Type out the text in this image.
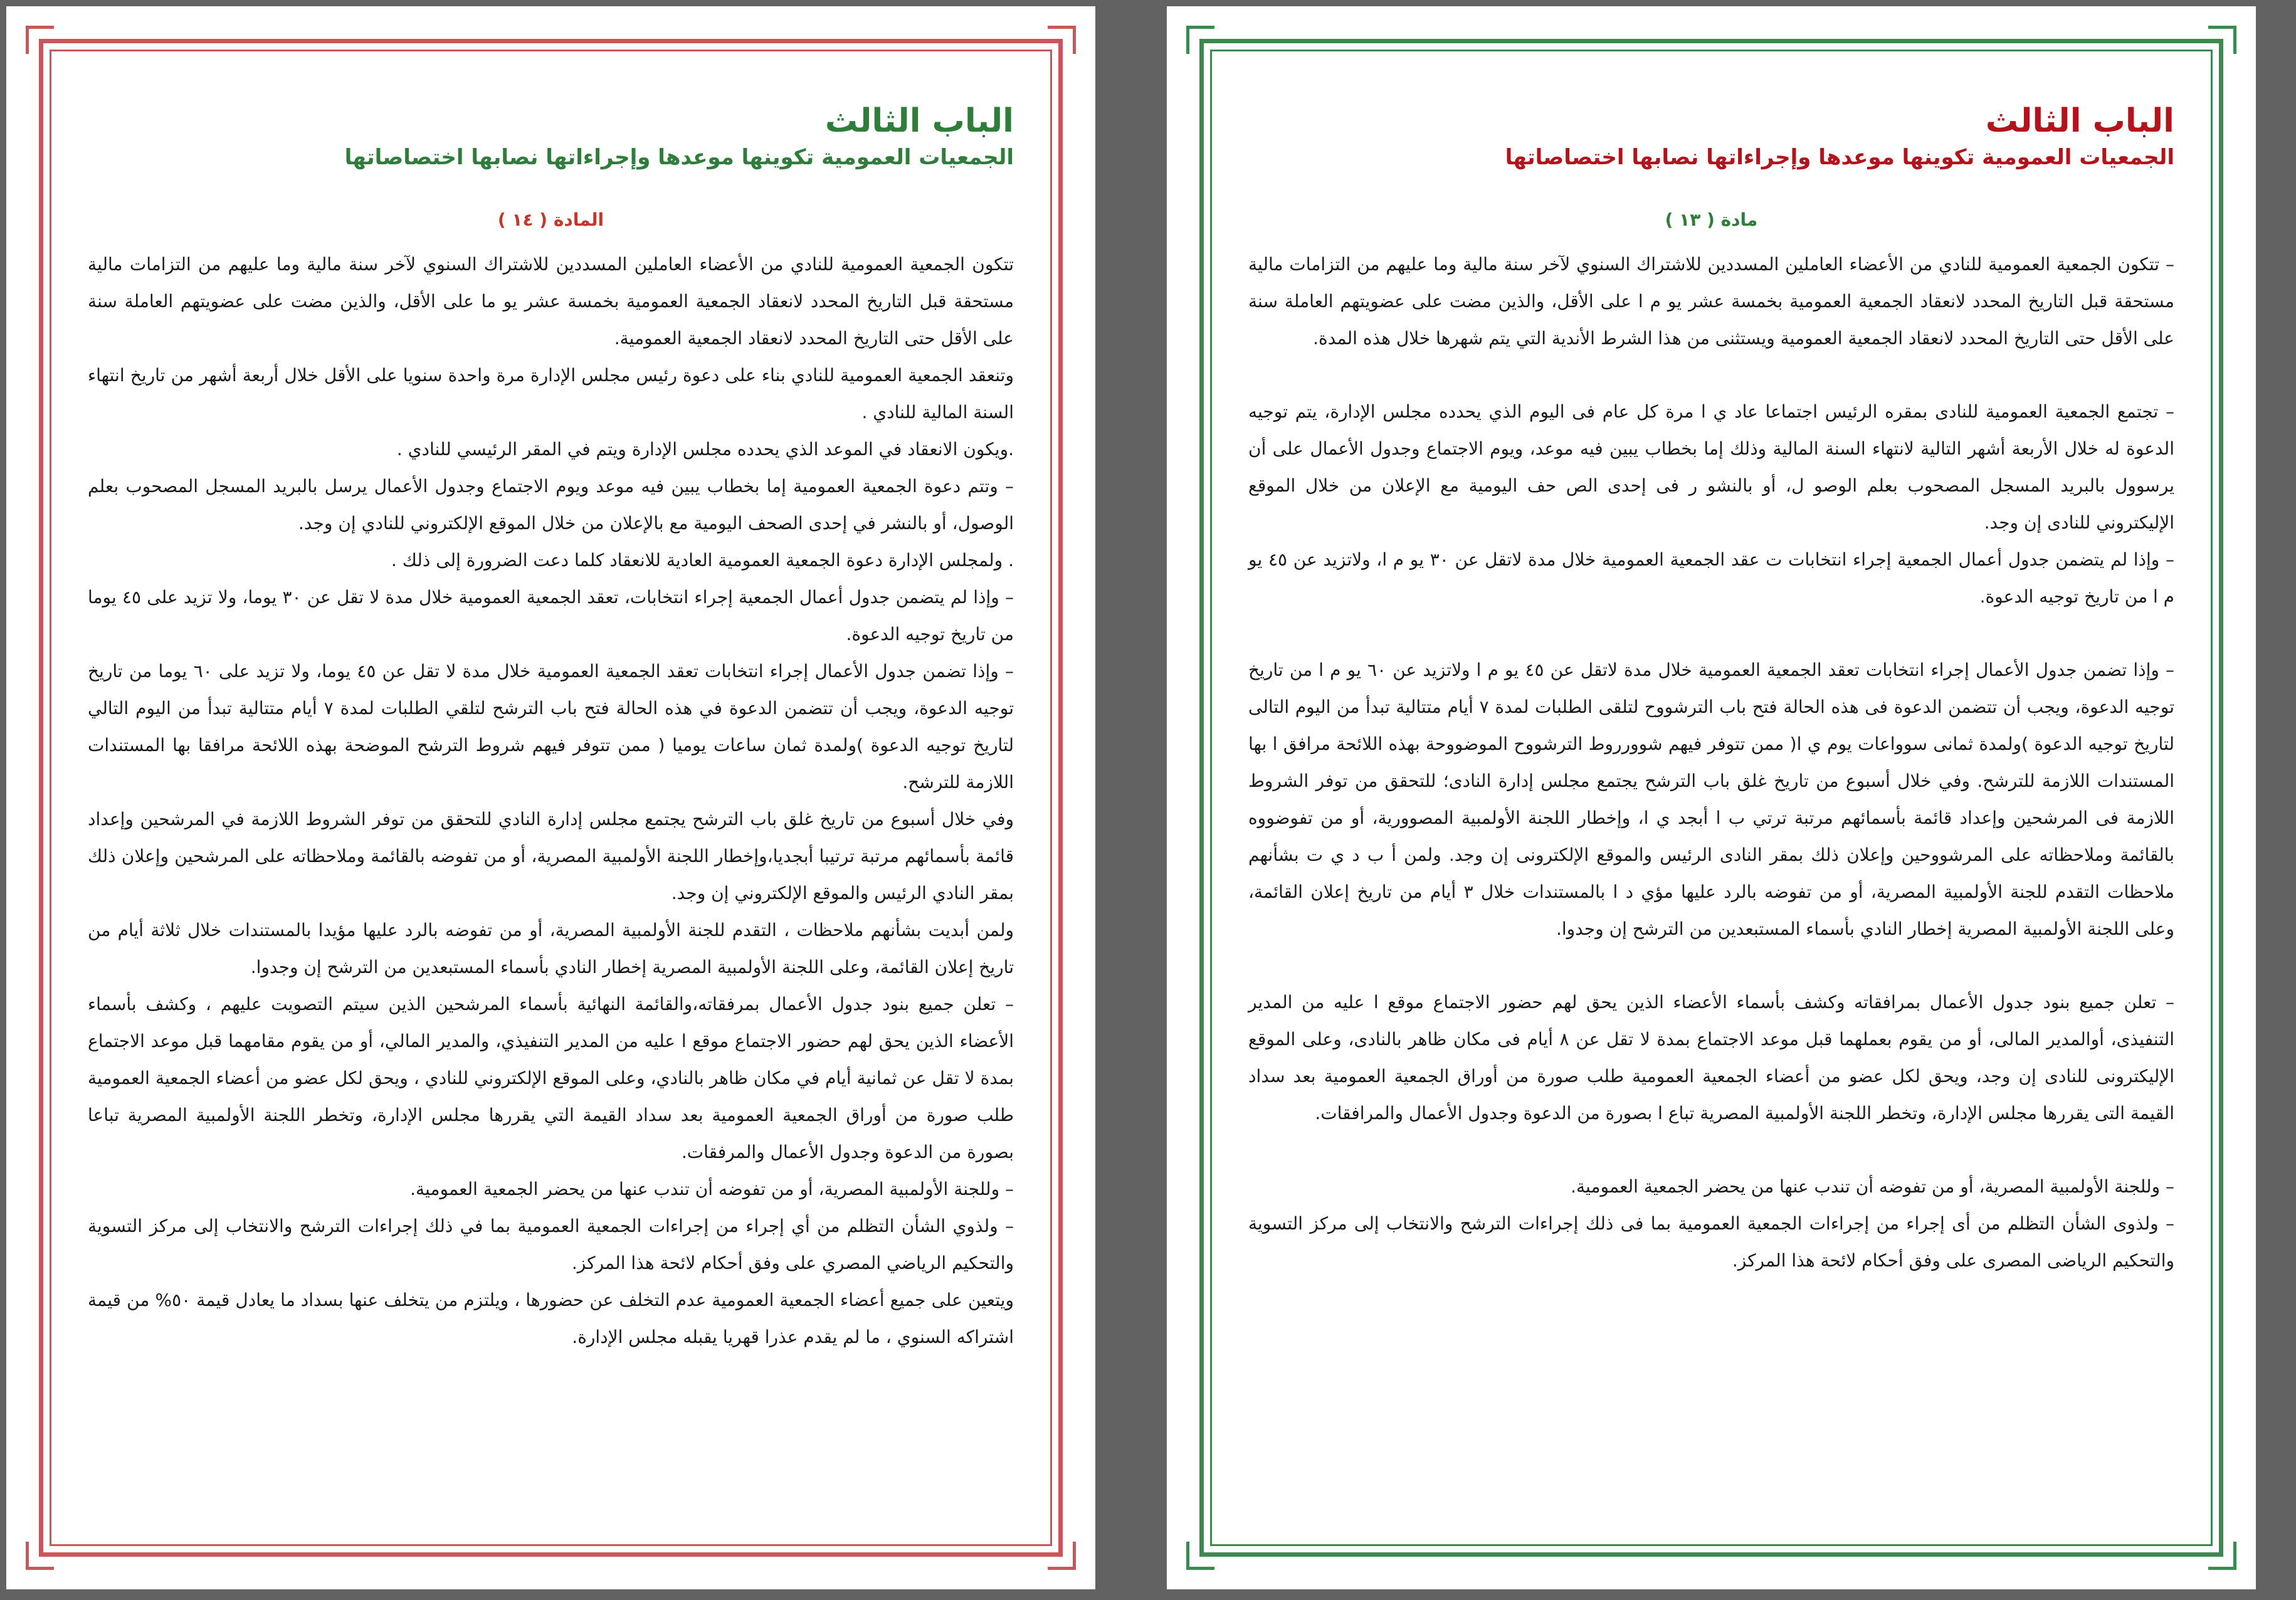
الباب الثالث
الجمعيات العمومية تكوينها موعدها وإجراءاتها نصابها اختصاصاتها
المادة ( ١٤ )

تتكون الجمعية العمومية للنادي من الأعضاء العاملين المسددين للاشتراك السنوي لآخر سنة مالية وما عليهم من التزامات مالية مستحقة قبل التاريخ المحدد لانعقاد الجمعية العمومية بخمسة عشر يو ما على الأقل، والذين مضت على عضويتهم العاملة سنة على الأقل حتى التاريخ المحدد لانعقاد الجمعية العمومية.

وتنعقد الجمعية العمومية للنادي بناء على دعوة رئيس مجلس الإدارة مرة واحدة سنويا على الأقل خلال أربعة أشهر من تاريخ انتهاء السنة المالية للنادي .

.ويكون الانعقاد في الموعد الذي يحدده مجلس الإدارة ويتم في المقر الرئيسي للنادي .

– وتتم دعوة الجمعية العمومية إما بخطاب يبين فيه موعد ويوم الاجتماع وجدول الأعمال يرسل بالبريد المسجل المصحوب بعلم الوصول، أو بالنشر في إحدى الصحف اليومية مع بالإعلان من خلال الموقع الإلكتروني للنادي إن وجد.

. ولمجلس الإدارة دعوة الجمعية العمومية العادية للانعقاد كلما دعت الضرورة إلى ذلك .

– وإذا لم يتضمن جدول أعمال الجمعية إجراء انتخابات، تعقد الجمعية العمومية خلال مدة لا تقل عن ٣٠ يوما، ولا تزيد على ٤٥ يوما من تاريخ توجيه الدعوة.

– وإذا تضمن جدول الأعمال إجراء انتخابات تعقد الجمعية العمومية خلال مدة لا تقل عن ٤٥ يوما، ولا تزيد على ٦٠ يوما من تاريخ توجيه الدعوة، ويجب أن تتضمن الدعوة في هذه الحالة فتح باب الترشح لتلقي الطلبات لمدة ٧ أيام متتالية تبدأ من اليوم التالي لتاريخ توجيه الدعوة )ولمدة ثمان ساعات يوميا ( ممن تتوفر فيهم شروط الترشح الموضحة بهذه اللائحة مرافقا بها المستندات اللازمة للترشح.

وفي خلال أسبوع من تاريخ غلق باب الترشح يجتمع مجلس إدارة النادي للتحقق من توفر الشروط اللازمة في المرشحين وإعداد قائمة بأسمائهم مرتبة ترتيبا أبجديا،وإخطار اللجنة الأولمبية المصرية، أو من تفوضه بالقائمة وملاحظاته على المرشحين وإعلان ذلك بمقر النادي الرئيس والموقع الإلكتروني إن وجد.

ولمن أبديت بشأنهم ملاحظات ، التقدم للجنة الأولمبية المصرية، أو من تفوضه بالرد عليها مؤيدا بالمستندات خلال ثلاثة أيام من تاريخ إعلان القائمة، وعلى اللجنة الأولمبية المصرية إخطار النادي بأسماء المستبعدين من الترشح إن وجدوا.

– تعلن جميع بنود جدول الأعمال بمرفقاته،والقائمة النهائية بأسماء المرشحين الذين سيتم التصويت عليهم ، وكشف بأسماء الأعضاء الذين يحق لهم حضور الاجتماع موقع ا عليه من المدير التنفيذي، والمدير المالي، أو من يقوم مقامهما قبل موعد الاجتماع بمدة لا تقل عن ثمانية أيام في مكان ظاهر بالنادي، وعلى الموقع الإلكتروني للنادي ، ويحق لكل عضو من أعضاء الجمعية العمومية طلب صورة من أوراق الجمعية العمومية بعد سداد القيمة التي يقررها مجلس الإدارة، وتخطر اللجنة الأولمبية المصرية تباعا بصورة من الدعوة وجدول الأعمال والمرفقات.

– وللجنة الأولمبية المصرية، أو من تفوضه أن تندب عنها من يحضر الجمعية العمومية.

– ولذوي الشأن التظلم من أي إجراء من إجراءات الجمعية العمومية بما في ذلك إجراءات الترشح والانتخاب إلى مركز التسوية والتحكيم الرياضي المصري على وفق أحكام لائحة هذا المركز.

ويتعين على جميع أعضاء الجمعية العمومية عدم التخلف عن حضورها ، ويلتزم من يتخلف عنها بسداد ما يعادل قيمة ٥٠% من قيمة اشتراكه السنوي ، ما لم يقدم عذرا قهريا يقبله مجلس الإدارة.

الباب الثالث
الجمعيات العمومية تكوينها موعدها وإجراءاتها نصابها اختصاصاتها
مادة ( ١٣ )

– تتكون الجمعية العمومية للنادي من الأعضاء العاملين المسددين للاشتراك السنوي لآخر سنة مالية وما عليهم من التزامات مالية مستحقة قبل التاريخ المحدد لانعقاد الجمعية العمومية بخمسة عشر يو م ا على الأقل، والذين مضت على عضويتهم العاملة سنة على الأقل حتى التاريخ المحدد لانعقاد الجمعية العمومية ويستثنى من هذا الشرط الأندية التي يتم شهرها خلال هذه المدة.

– تجتمع الجمعية العمومية للنادى بمقره الرئيس اجتماعا عاد ي ا مرة كل عام فى اليوم الذي يحدده مجلس الإدارة، يتم توجيه الدعوة له خلال الأربعة أشهر التالية لانتهاء السنة المالية وذلك إما بخطاب يبين فيه موعد، ويوم الاجتماع وجدول الأعمال على أن يرسوول بالبريد المسجل المصحوب بعلم الوصو ل، أو بالنشو ر فى إحدى الص حف اليومية مع الإعلان من خلال الموقع الإليكتروني للنادى إن وجد.

– وإذا لم يتضمن جدول أعمال الجمعية إجراء انتخابات ت عقد الجمعية العمومية خلال مدة لاتقل عن ٣٠ يو م ا، ولاتزيد عن ٤٥ يو م ا من تاريخ توجيه الدعوة.

– وإذا تضمن جدول الأعمال إجراء انتخابات تعقد الجمعية العمومية خلال مدة لاتقل عن ٤٥ يو م ا ولاتزيد عن ٦٠ يو م ا من تاريخ توجيه الدعوة، ويجب أن تتضمن الدعوة فى هذه الحالة فتح باب الترشووح لتلقى الطلبات لمدة ٧ أيام متتالية تبدأ من اليوم التالى لتاريخ توجيه الدعوة )ولمدة ثمانى سوواعات يوم ي ا( ممن تتوفر فيهم شوورروط الترشووح الموضووحة بهذه اللائحة مرافق ا بها المستندات اللازمة للترشح. وفي خلال أسبوع من تاريخ غلق باب الترشح يجتمع مجلس إدارة النادى؛ للتحقق من توفر الشروط اللازمة فى المرشحين وإعداد قائمة بأسمائهم مرتبة ترتي ب ا أبجد ي ا، وإخطار اللجنة الأولمبية المصوورية، أو من تفوضووه بالقائمة وملاحظاته على المرشووحين وإعلان ذلك بمقر النادى الرئيس والموقع الإلكترونى إن وجد. ولمن أ ب د ي ت بشأنهم ملاحظات التقدم للجنة الأولمبية المصرية، أو من تفوضه بالرد عليها مؤي د ا بالمستندات خلال ٣ أيام من تاريخ إعلان القائمة، وعلى اللجنة الأولمبية المصرية إخطار النادي بأسماء المستبعدين من الترشح إن وجدوا.

– تعلن جميع بنود جدول الأعمال بمرافقاته وكشف بأسماء الأعضاء الذين يحق لهم حضور الاجتماع موقع ا عليه من المدير التنفيذى، أوالمدير المالى، أو من يقوم بعملهما قبل موعد الاجتماع بمدة لا تقل عن ٨ أيام فى مكان ظاهر بالنادى، وعلى الموقع الإليكترونى للنادى إن وجد، ويحق لكل عضو من أعضاء الجمعية العمومية طلب صورة من أوراق الجمعية العمومية بعد سداد القيمة التى يقررها مجلس الإدارة، وتخطر اللجنة الأولمبية المصرية تباع ا بصورة من الدعوة وجدول الأعمال والمرافقات.

– وللجنة الأولمبية المصرية، أو من تفوضه أن تندب عنها من يحضر الجمعية العمومية.

– ولذوى الشأن التظلم من أى إجراء من إجراءات الجمعية العمومية بما فى ذلك إجراءات الترشح والانتخاب إلى مركز التسوية والتحكيم الرياضى المصرى على وفق أحكام لائحة هذا المركز.
